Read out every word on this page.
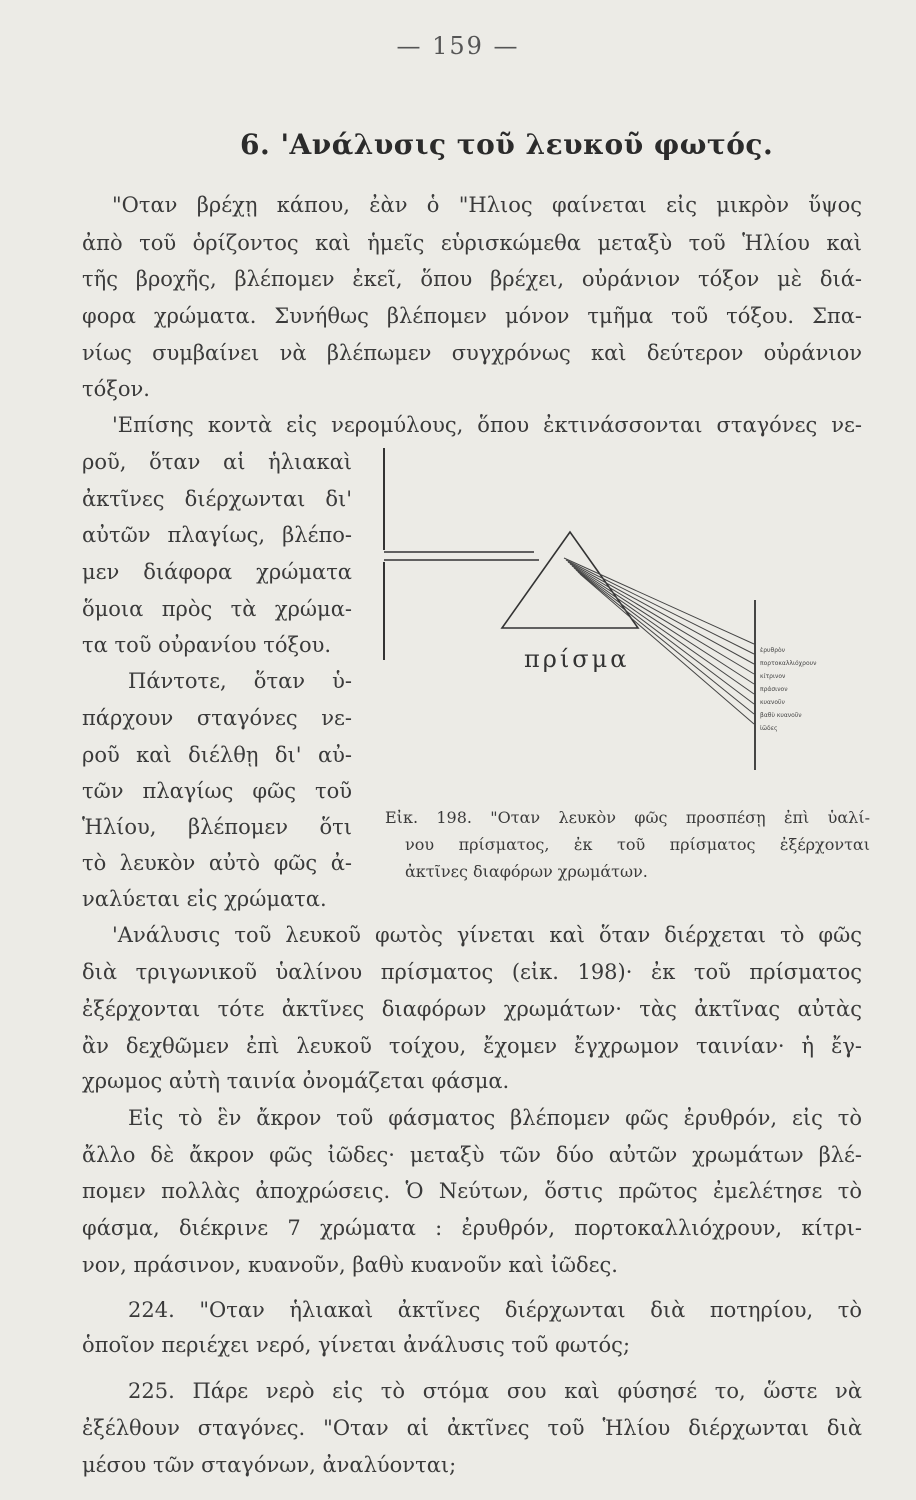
— 159 —
6. 'Ανάλυσις τοῦ λευκοῦ φωτός.
"Οταν βρέχῃ κάπου, ἐὰν ὁ "Ηλιος φαίνεται εἰς μικρὸν ὕψος
ἀπὸ τοῦ ὁρίζοντος καὶ ἡμεῖς εὑρισκώμεθα μεταξὺ τοῦ Ἡλίου καὶ
τῆς βροχῆς, βλέπομεν ἐκεῖ, ὅπου βρέχει, οὐράνιον τόξον μὲ διά-
φορα χρώματα. Συνήθως βλέπομεν μόνον τμῆμα τοῦ τόξου. Σπα-
νίως συμβαίνει νὰ βλέπωμεν συγχρόνως καὶ δεύτερον οὐράνιον
τόξον.
'Επίσης κοντὰ εἰς νερομύλους, ὅπου ἐκτινάσσονται σταγόνες νε-
ροῦ, ὅταν αἱ ἡλιακαὶ
ἀκτῖνες διέρχωνται δι'
αὐτῶν πλαγίως, βλέπο-
μεν διάφορα χρώματα
ὅμοια πρὸς τὰ χρώμα-
τα τοῦ οὐρανίου τόξου.
Πάντοτε, ὅταν ὑ-
πάρχουν σταγόνες νε-
ροῦ καὶ διέλθῃ δι' αὐ-
τῶν πλαγίως φῶς τοῦ
Ἡλίου, βλέπομεν ὅτι
τὸ λευκὸν αὐτὸ φῶς ἀ-
ναλύεται εἰς χρώματα.
πρίσμα	ἐρυθρὸν
πορτοκαλλιόχρουν
κίτρινον
πράσινον
κυανοῦν
βαθὺ κυανοῦν
ἰῶδες
Εἰκ. 198. "Οταν λευκὸν φῶς προσπέσῃ ἐπὶ ὑαλί-
νου πρίσματος, ἐκ τοῦ πρίσματος ἐξέρχονται
ἀκτῖνες διαφόρων χρωμάτων.
'Ανάλυσις τοῦ λευκοῦ φωτὸς γίνεται καὶ ὅταν διέρχεται τὸ φῶς
διὰ τριγωνικοῦ ὑαλίνου πρίσματος (εἰκ. 198)· ἐκ τοῦ πρίσματος
ἐξέρχονται τότε ἀκτῖνες διαφόρων χρωμάτων· τὰς ἀκτῖνας αὐτὰς
ἂν δεχθῶμεν ἐπὶ λευκοῦ τοίχου, ἔχομεν ἔγχρωμον ταινίαν· ἡ ἔγ-
χρωμος αὐτὴ ταινία ὀνομάζεται φάσμα.
Εἰς τὸ ἓν ἄκρον τοῦ φάσματος βλέπομεν φῶς ἐρυθρόν, εἰς τὸ
ἄλλο δὲ ἄκρον φῶς ἰῶδες· μεταξὺ τῶν δύο αὐτῶν χρωμάτων βλέ-
πομεν πολλὰς ἀποχρώσεις. Ὁ Νεύτων, ὅστις πρῶτος ἐμελέτησε τὸ
φάσμα, διέκρινε 7 χρώματα : ἐρυθρόν, πορτοκαλλιόχρουν, κίτρι-
νον, πράσινον, κυανοῦν, βαθὺ κυανοῦν καὶ ἰῶδες.
224. "Οταν ἡλιακαὶ ἀκτῖνες διέρχωνται διὰ ποτηρίου, τὸ
ὁποῖον περιέχει νερό, γίνεται ἀνάλυσις τοῦ φωτός;
225. Πάρε νερὸ εἰς τὸ στόμα σου καὶ φύσησέ το, ὥστε νὰ
ἐξέλθουν σταγόνες. "Οταν αἱ ἀκτῖνες τοῦ Ἡλίου διέρχωνται διὰ
μέσου τῶν σταγόνων, ἀναλύονται;
